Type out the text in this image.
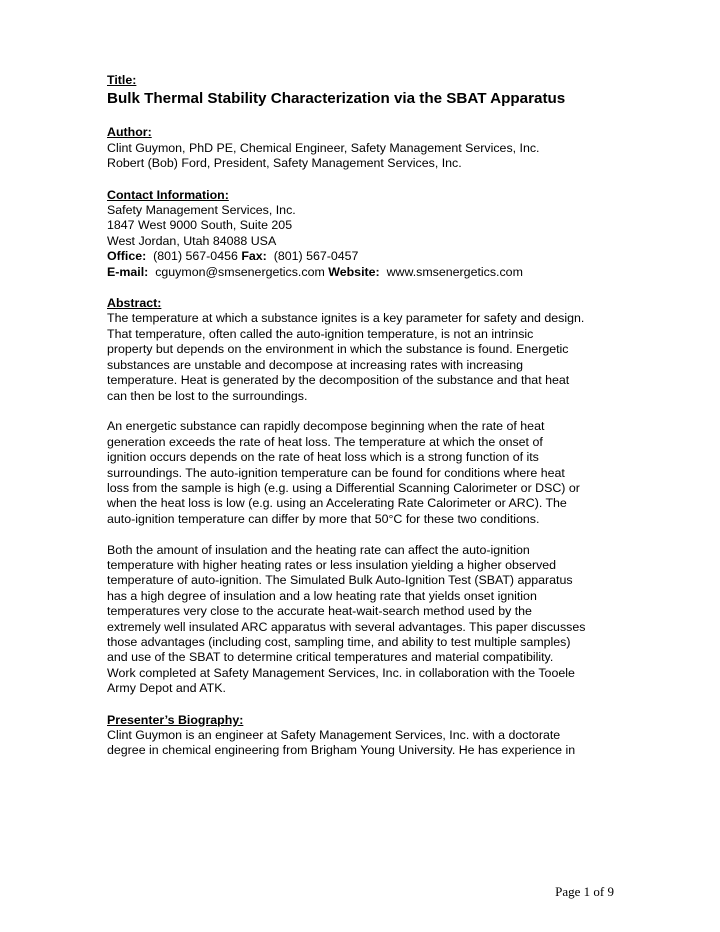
Title:
Bulk Thermal Stability Characterization via the SBAT Apparatus
Author:
Clint Guymon, PhD PE, Chemical Engineer, Safety Management Services, Inc.
Robert (Bob) Ford, President, Safety Management Services, Inc.
Contact Information:
Safety Management Services, Inc.
1847 West 9000 South, Suite 205
West Jordan, Utah 84088 USA
Office: (801) 567-0456 Fax: (801) 567-0457
E-mail: cguymon@smsenergetics.com Website: www.smsenergetics.com
Abstract:

The temperature at which a substance ignites is a key parameter for safety and design.
That temperature, often called the auto-ignition temperature, is not an intrinsic
property but depends on the environment in which the substance is found. Energetic
substances are unstable and decompose at increasing rates with increasing
temperature. Heat is generated by the decomposition of the substance and that heat
can then be lost to the surroundings.

An energetic substance can rapidly decompose beginning when the rate of heat
generation exceeds the rate of heat loss. The temperature at which the onset of
ignition occurs depends on the rate of heat loss which is a strong function of its
surroundings. The auto-ignition temperature can be found for conditions where heat
loss from the sample is high (e.g. using a Differential Scanning Calorimeter or DSC) or
when the heat loss is low (e.g. using an Accelerating Rate Calorimeter or ARC). The
auto-ignition temperature can differ by more that 50°C for these two conditions.

Both the amount of insulation and the heating rate can affect the auto-ignition
temperature with higher heating rates or less insulation yielding a higher observed
temperature of auto-ignition. The Simulated Bulk Auto-Ignition Test (SBAT) apparatus
has a high degree of insulation and a low heating rate that yields onset ignition
temperatures very close to the accurate heat-wait-search method used by the
extremely well insulated ARC apparatus with several advantages. This paper discusses
those advantages (including cost, sampling time, and ability to test multiple samples)
and use of the SBAT to determine critical temperatures and material compatibility.
Work completed at Safety Management Services, Inc. in collaboration with the Tooele
Army Depot and ATK.

Presenter’s Biography:
Clint Guymon is an engineer at Safety Management Services, Inc. with a doctorate
degree in chemical engineering from Brigham Young University. He has experience in
Page 1 of 9
